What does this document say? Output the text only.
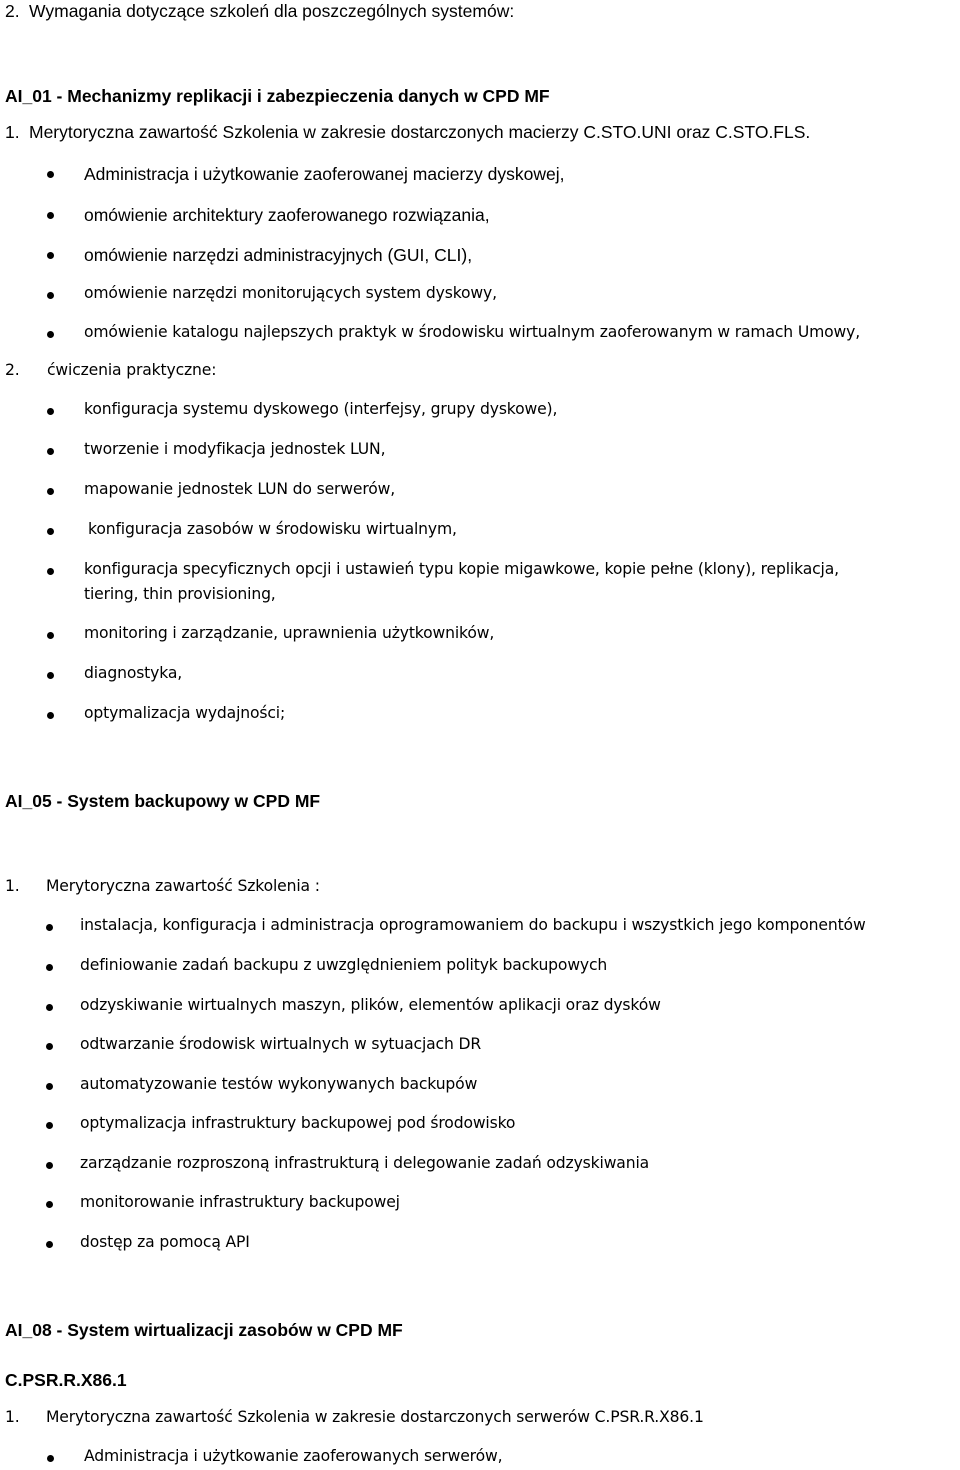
2. Wymagania dotyczące szkoleń dla poszczególnych systemów:
AI_01 - Mechanizmy replikacji i zabezpieczenia danych w CPD MF
1. Merytoryczna zawartość Szkolenia w zakresie dostarczonych macierzy C.STO.UNI oraz C.STO.FLS.
Administracja i użytkowanie zaoferowanej macierzy dyskowej,
omówienie architektury zaoferowanego rozwiązania,
omówienie narzędzi administracyjnych (GUI, CLI),
omówienie narzędzi monitorujących system dyskowy,
omówienie katalogu najlepszych praktyk w środowisku wirtualnym zaoferowanym w ramach Umowy,
2. ćwiczenia praktyczne:
konfiguracja systemu dyskowego (interfejsy, grupy dyskowe),
tworzenie i modyfikacja jednostek LUN,
mapowanie jednostek LUN do serwerów,
konfiguracja zasobów w środowisku wirtualnym,
konfiguracja specyficznych opcji i ustawień typu kopie migawkowe, kopie pełne (klony), replikacja,
tiering, thin provisioning,
monitoring i zarządzanie, uprawnienia użytkowników,
diagnostyka,
optymalizacja wydajności;
AI_05 - System backupowy w CPD MF
1. Merytoryczna zawartość Szkolenia :
instalacja, konfiguracja i administracja oprogramowaniem do backupu i wszystkich jego komponentów
definiowanie zadań backupu z uwzględnieniem polityk backupowych
odzyskiwanie wirtualnych maszyn, plików, elementów aplikacji oraz dysków
odtwarzanie środowisk wirtualnych w sytuacjach DR
automatyzowanie testów wykonywanych backupów
optymalizacja infrastruktury backupowej pod środowisko
zarządzanie rozproszoną infrastrukturą i delegowanie zadań odzyskiwania
monitorowanie infrastruktury backupowej
dostęp za pomocą API
AI_08 - System wirtualizacji zasobów w CPD MF
C.PSR.R.X86.1
1. Merytoryczna zawartość Szkolenia w zakresie dostarczonych serwerów C.PSR.R.X86.1
Administracja i użytkowanie zaoferowanych serwerów,
